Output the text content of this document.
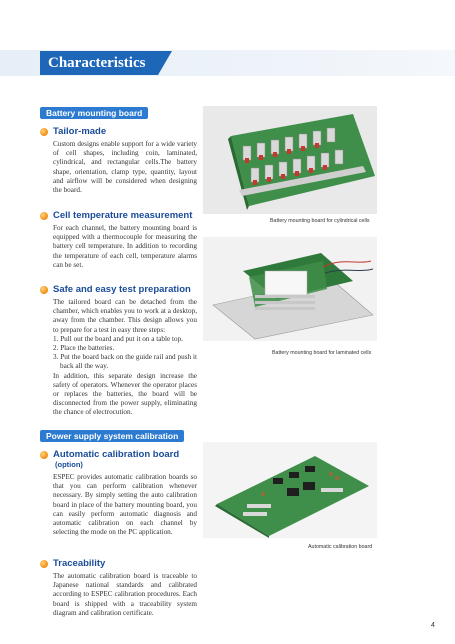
Characteristics
Battery mounting board
Tailor-made
Custom designs enable support for a wide variety of cell shapes, including coin, laminated, cylindrical, and rectangular cells.The battery shape, orientation, clamp type, quantity, layout and airflow will be considered when designing the board.
Cell temperature measurement
For each channel, the battery mounting board is equipped with a thermocouple for measuring the battery cell temperature. In addition to recording the temperature of each cell, temperature alarms can be set.
Safe and easy test preparation

The tailored board can be detached from the chamber, which enables you to work at a desktop, away from the chamber. This design allows you to prepare for a test in easy three steps:

1. Pull out the board and put it on a table top.

2. Place the batteries.

3. Put the board back on the guide rail and push it back all the way.

In addition, this separate design increase the safety of operators. Whenever the operator places or replaces the batteries, the board will be disconnected from the power supply, eliminating the chance of electrocution.

Battery mounting board for cylindrical cells
Battery mounting board for laminated cells
Power supply system calibration
Automatic calibration board
(option)
ESPEC provides automatic calibration boards so that you can perform calibration whenever necessary. By simply setting the auto calibration board in place of the battery mounting board, you can easily perform automatic diagnosis and automatic calibration on each channel by selecting the mode on the PC application.
Traceability
The automatic calibration board is traceable to Japanese national standards and calibrated according to ESPEC calibration procedures. Each board is shipped with a traceability system diagram and calibration certificate.
Automatic calibration board
4
